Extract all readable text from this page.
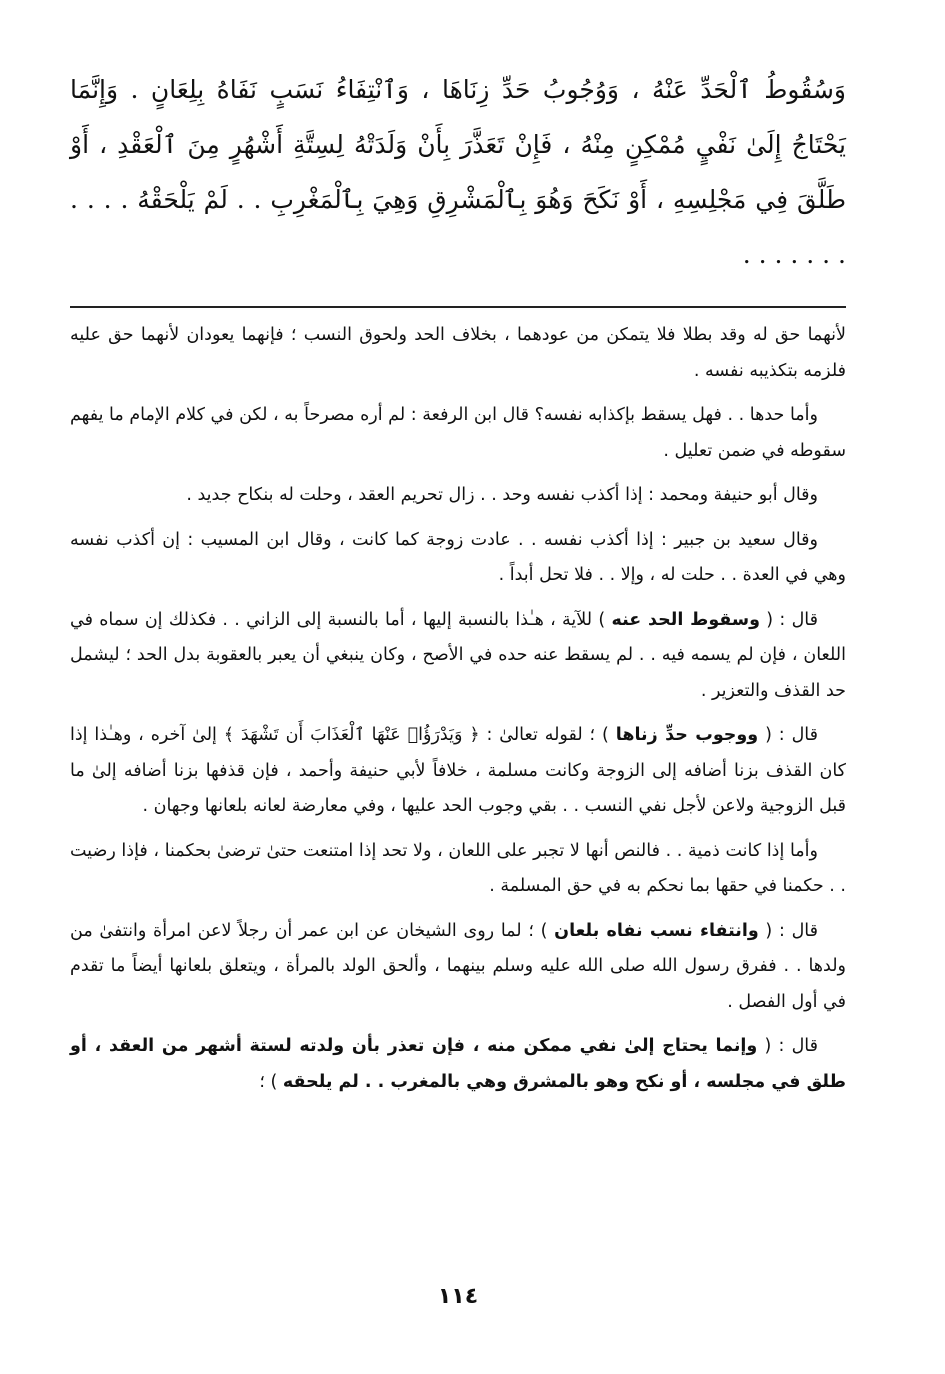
وَسُقُوطُ ٱلْحَدِّ عَنْهُ ، وَوُجُوبُ حَدِّ زِنَاهَا ، وَٱنْتِفَاءُ نَسَبٍ نَفَاهُ بِلِعَانٍ . وَإِنَّمَا يَحْتَاجُ إِلَىٰ نَفْيٍ مُمْكِنٍ مِنْهُ ، فَإِنْ تَعَذَّرَ بِأَنْ وَلَدَتْهُ لِسِتَّةِ أَشْهُرٍ مِنَ ٱلْعَقْدِ ، أَوْ طَلَّقَ فِي مَجْلِسِهِ ، أَوْ نَكَحَ وَهُوَ بِٱلْمَشْرِقِ وَهِيَ بِٱلْمَغْرِبِ . . لَمْ يَلْحَقْهُ . . . . . . . . . . .

لأنهما حق له وقد بطلا فلا يتمكن من عودهما ، بخلاف الحد ولحوق النسب ؛ فإنهما يعودان لأنهما حق عليه فلزمه بتكذيبه نفسه .

وأما حدها . . فهل يسقط بإكذابه نفسه؟ قال ابن الرفعة : لم أره مصرحاً به ، لكن في كلام الإمام ما يفهم سقوطه في ضمن تعليل .

وقال أبو حنيفة ومحمد : إذا أكذب نفسه وحد . . زال تحريم العقد ، وحلت له بنكاح جديد .

وقال سعيد بن جبير : إذا أكذب نفسه . . عادت زوجة كما كانت ، وقال ابن المسيب : إن أكذب نفسه وهي في العدة . . حلت له ، وإلا . . فلا تحل أبداً .

قال : ( وسقوط الحد عنه ) للآية ، هـٰذا بالنسبة إليها ، أما بالنسبة إلى الزاني . . فكذلك إن سماه في اللعان ، فإن لم يسمه فيه . . لم يسقط عنه حده في الأصح ، وكان ينبغي أن يعبر بالعقوبة بدل الحد ؛ ليشمل حد القذف والتعزير .

قال : ( ووجوب حدِّ زناها ) ؛ لقوله تعالىٰ : ﴿ وَيَدْرَؤُا۟ عَنْهَا ٱلْعَذَابَ أَن تَشْهَدَ ﴾ إلىٰ آخره ، وهـٰذا إذا كان القذف بزنا أضافه إلى الزوجة وكانت مسلمة ، خلافاً لأبي حنيفة وأحمد ، فإن قذفها بزنا أضافه إلىٰ ما قبل الزوجية ولاعن لأجل نفي النسب . . بقي وجوب الحد عليها ، وفي معارضة لعانه بلعانها وجهان .

وأما إذا كانت ذمية . . فالنص أنها لا تجبر على اللعان ، ولا تحد إذا امتنعت حتىٰ ترضىٰ بحكمنا ، فإذا رضيت . . حكمنا في حقها بما نحكم به في حق المسلمة .

قال : ( وانتفاء نسب نفاه بلعان ) ؛ لما روى الشيخان عن ابن عمر أن رجلاً لاعن امرأة وانتفىٰ من ولدها . . ففرق رسول الله صلى الله عليه وسلم بينهما ، وألحق الولد بالمرأة ، ويتعلق بلعانها أيضاً ما تقدم في أول الفصل .

قال : ( وإنما يحتاج إلىٰ نفي ممكن منه ، فإن تعذر بأن ولدته لستة أشهر من العقد ، أو طلق في مجلسه ، أو نكح وهو بالمشرق وهي بالمغرب . . لم يلحقه ) ؛

١١٤
